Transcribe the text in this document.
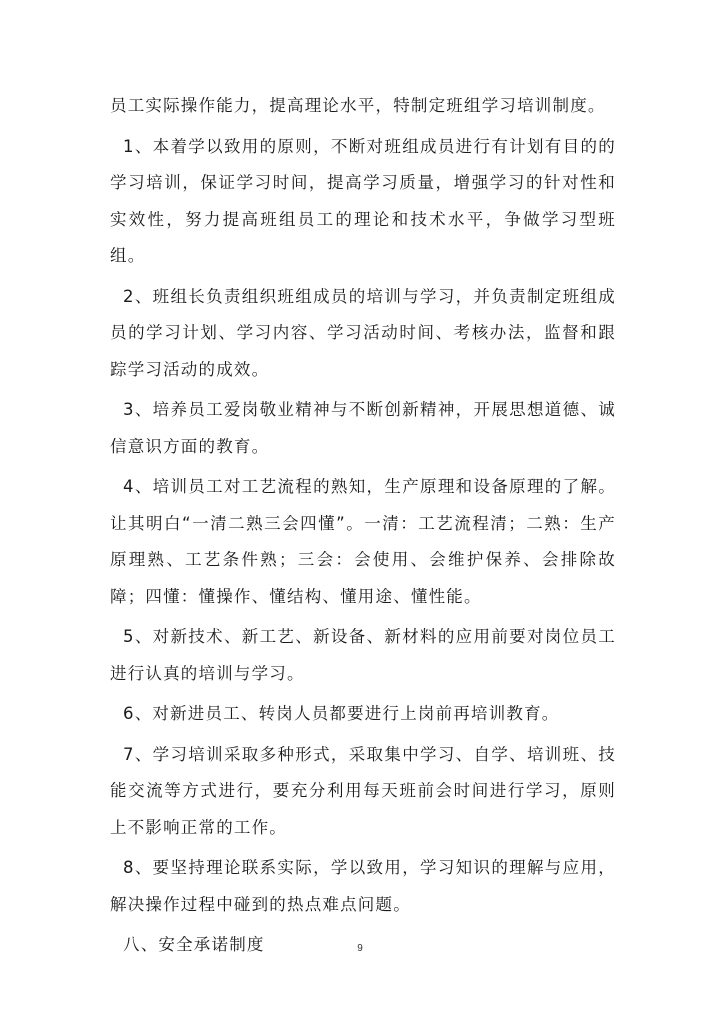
员工实际操作能力，提高理论水平，特制定班组学习培训制度。

1、本着学以致用的原则，不断对班组成员进行有计划有目的的学习培训，保证学习时间，提高学习质量，增强学习的针对性和实效性，努力提高班组员工的理论和技术水平，争做学习型班组。

2、班组长负责组织班组成员的培训与学习，并负责制定班组成员的学习计划、学习内容、学习活动时间、考核办法，监督和跟踪学习活动的成效。

3、培养员工爱岗敬业精神与不断创新精神，开展思想道德、诚信意识方面的教育。

4、培训员工对工艺流程的熟知，生产原理和设备原理的了解。让其明白“一清二熟三会四懂”。一清：工艺流程清；二熟：生产原理熟、工艺条件熟；三会：会使用、会维护保养、会排除故障；四懂：懂操作、懂结构、懂用途、懂性能。

5、对新技术、新工艺、新设备、新材料的应用前要对岗位员工进行认真的培训与学习。

6、对新进员工、转岗人员都要进行上岗前再培训教育。

7、学习培训采取多种形式，采取集中学习、自学、培训班、技能交流等方式进行，要充分利用每天班前会时间进行学习，原则上不影响正常的工作。

8、要坚持理论联系实际，学以致用，学习知识的理解与应用，解决操作过程中碰到的热点难点问题。

八、安全承诺制度	9
